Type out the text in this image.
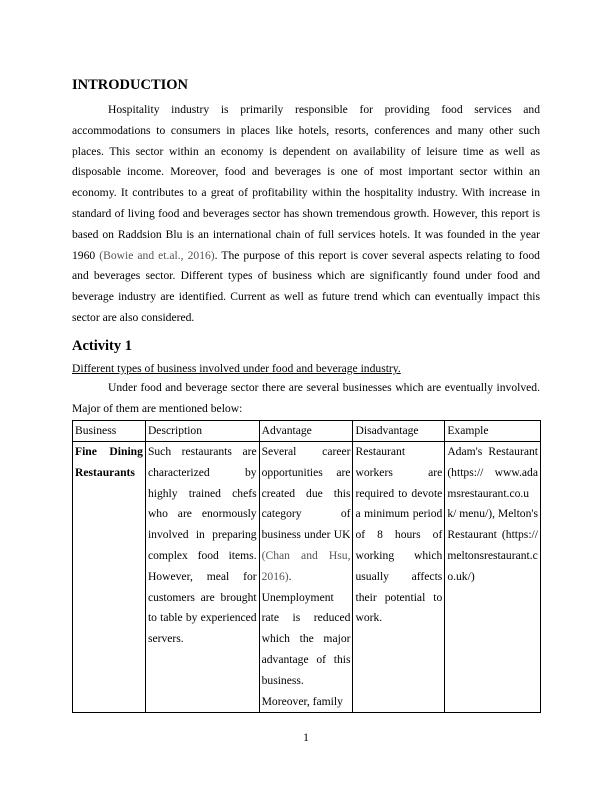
INTRODUCTION

Hospitality industry is primarily responsible for providing food services and accommodations to consumers in places like hotels, resorts, conferences and many other such places. This sector within an economy is dependent on availability of leisure time as well as disposable income. Moreover, food and beverages is one of most important sector within an economy. It contributes to a great of profitability within the hospitality industry. With increase in standard of living food and beverages sector has shown tremendous growth. However, this report is based on Raddsion Blu is an international chain of full services hotels. It was founded in the year 1960 (Bowie and et.al., 2016). The purpose of this report is cover several aspects relating to food and beverages sector. Different types of business which are significantly found under food and beverage industry are identified. Current as well as future trend which can eventually impact this sector are also considered.

Activity 1

Different types of business involved under food and beverage industry.

Under food and beverage sector there are several businesses which are eventually involved. Major of them are mentioned below:

Business	Description	Advantage	Disadvantage	Example
Fine Dining Restaurants	Such restaurants are characterized by highly trained chefs who are enormously involved in preparing complex food items. However, meal for customers are brought to table by experienced servers.	Several career opportunities are created due this category of business under UK (Chan and Hsu, 2016). Unemployment rate is reduced which the major advantage of this business. Moreover, family	Restaurant workers are required to devote a minimum period of 8 hours of working which usually affects their potential to work.	Adam's Restaurant (https:// www.adamsrestaurant.co.uk/ menu/), Melton's Restaurant (https://meltonsrestaurant.co.uk/)
1
